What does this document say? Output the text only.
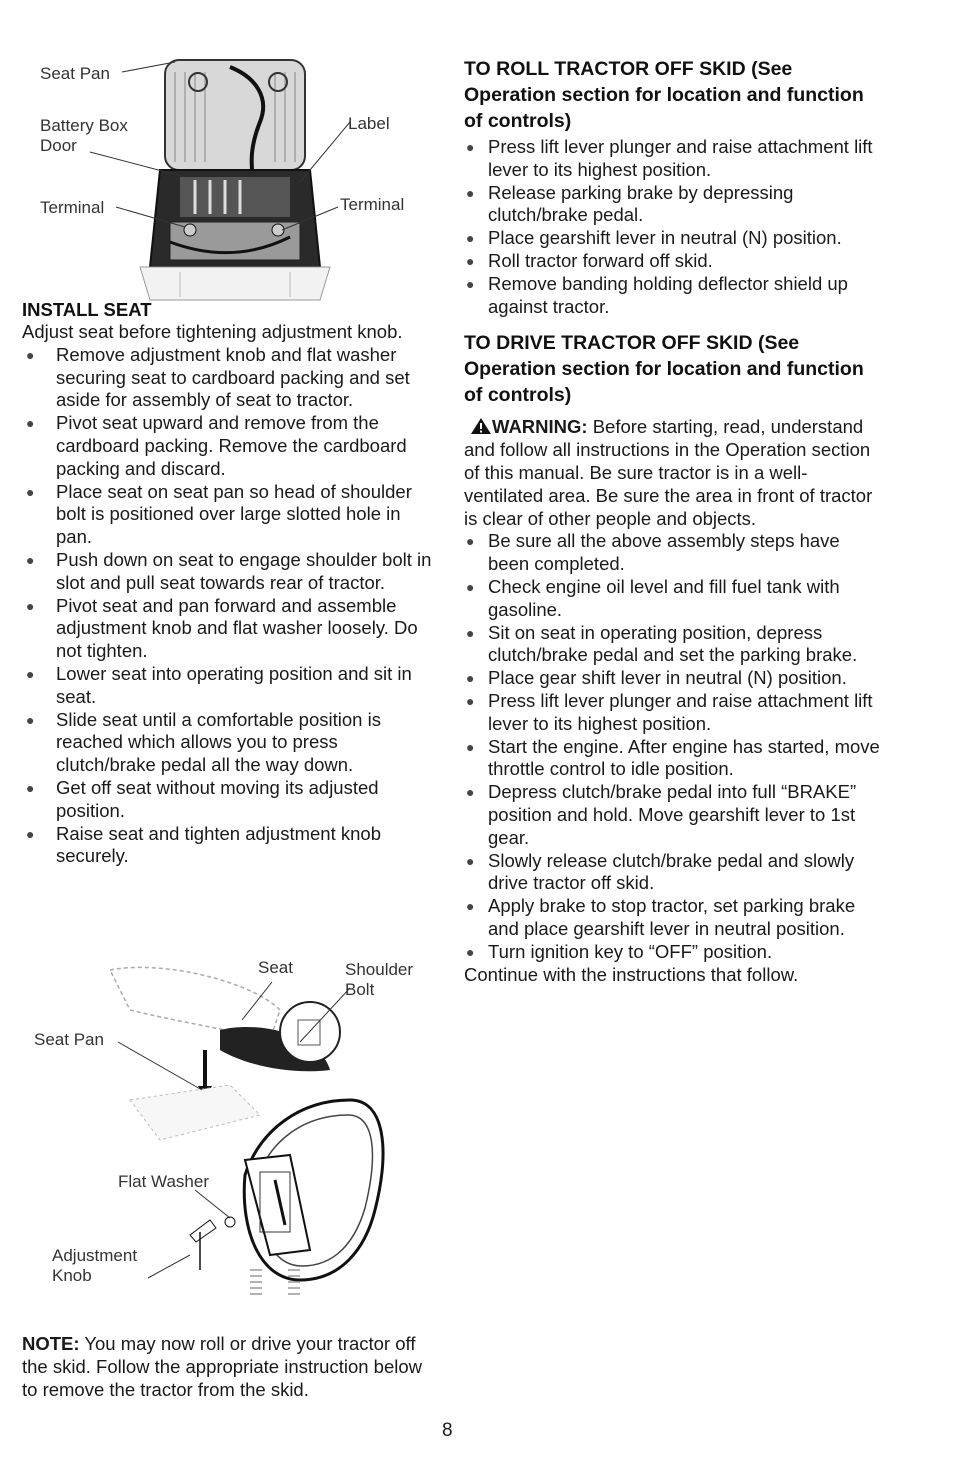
Seat Pan
Battery Box
Door
Label
Terminal	Terminal
INSTALL SEAT

Adjust seat before tightening adjustment knob.

● Remove adjustment knob and flat washer securing seat to cardboard packing and set aside for assembly of seat to tractor.
● Pivot seat upward and remove from the cardboard packing. Remove the cardboard packing and discard.
● Place seat on seat pan so head of shoulder bolt is positioned over large slotted hole in pan.
● Push down on seat to engage shoulder bolt in slot and pull seat towards rear of tractor.
● Pivot seat and pan forward and assemble adjustment knob and flat washer loosely. Do not tighten.
● Lower seat into operating position and sit in seat.
● Slide seat until a comfortable position is reached which allows you to press clutch/brake pedal all the way down.
● Get off seat without moving its adjusted position.
● Raise seat and tighten adjustment knob securely.
Seat	Shoulder
Bolt
Seat Pan
Flat Washer
Adjustment
Knob

NOTE: You may now roll or drive your tractor off the skid. Follow the appropriate instruction below to remove the tractor from the skid.

TO ROLL TRACTOR OFF SKID (See Operation section for location and function of controls)
● Press lift lever plunger and raise attachment lift lever to its highest position.
● Release parking brake by depressing clutch/brake pedal.
● Place gearshift lever in neutral (N) position.
● Roll tractor forward off skid.
● Remove banding holding deflector shield up against tractor.
TO DRIVE TRACTOR OFF SKID (See Operation section for location and function of controls)

WARNING: Before starting, read, understand and follow all instructions in the Operation section of this manual. Be sure tractor is in a well-ventilated area. Be sure the area in front of tractor is clear of other people and objects.

● Be sure all the above assembly steps have been completed.
● Check engine oil level and fill fuel tank with gasoline.
● Sit on seat in operating position, depress clutch/brake pedal and set the parking brake.
● Place gear shift lever in neutral (N) position.
● Press lift lever plunger and raise attachment lift lever to its highest position.
● Start the engine. After engine has started, move throttle control to idle position.
● Depress clutch/brake pedal into full “BRAKE” position and hold. Move gearshift lever to 1st gear.
● Slowly release clutch/brake pedal and slowly drive tractor off skid.
● Apply brake to stop tractor, set parking brake and place gearshift lever in neutral position.
● Turn ignition key to “OFF” position.

Continue with the instructions that follow.

8
